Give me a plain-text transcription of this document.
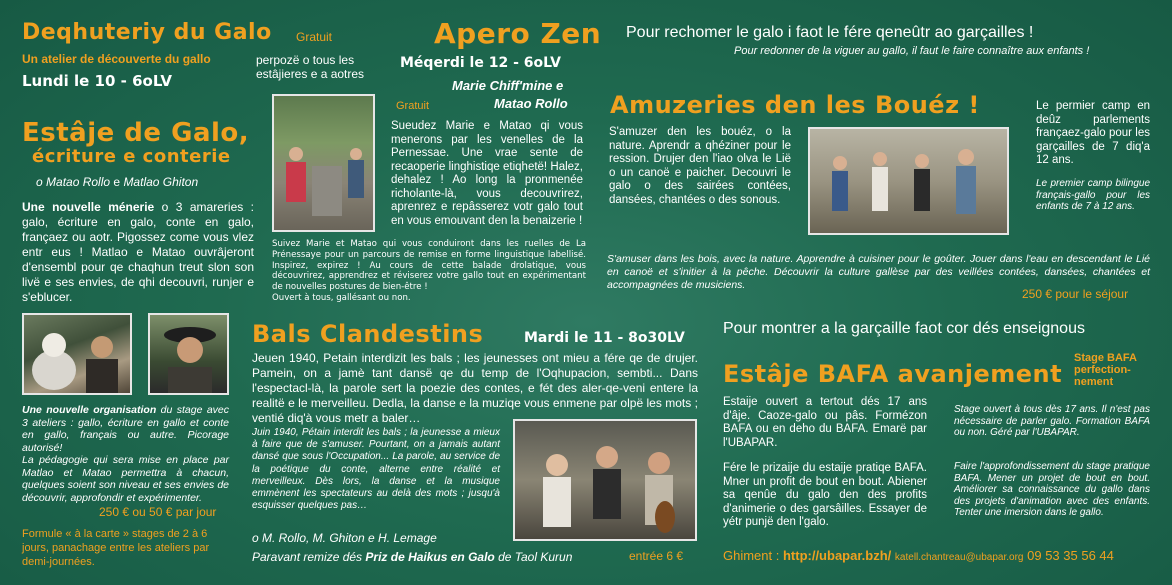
Deqhuteriy du Galo Gratuit
Un atelier de découverte du gallo	perpozë o tous les estâjieres e a aotres
Lundi le 10 - 6oLV
Estâje de Galo,
écriture e conterie
o Matao Rollo e Matlao Ghiton

Une nouvelle ménerie o 3 amareries : galo, écriture en galo, conte en galo, françaez ou aotr. Pigossez come vous vlez entr eus ! Matlao e Matao ouvrâjeront d'ensembl pour qe chaqhun treut slon son livë e ses envies, de qhi decouvri, runjer e s'eblucer.

Une nouvelle organisation du stage avec 3 ateliers : gallo, écriture en gallo et conte en gallo, français ou autre. Picorage autorisé!
La pédagogie qui sera mise en place par Matlao et Matao permettra à chacun, quelques soient son niveau et ses envies de découvrir, approfondir et expérimenter.

250 € ou 50 € par jour

Formule « à la carte » stages de 2 à 6 jours, panachage entre les ateliers par demi-journées.

Apero Zen
Méqerdi le 12 - 6oLV
Marie Chiff'mine e
Matao Rollo
Gratuit

Sueudez Marie e Matao qi vous menerons par les venelles de la Pernessae. Une vrae sente de recaoperie linghistiqe etiqhetë! Halez, dehalez ! Ao long la pronmenée richolante-là, vous decouvrirez, aprenrez e repâsserez votr galo tout en vous emouvant den la benaizerie !

Suivez Marie et Matao qui vous conduiront dans les ruelles de La Prénessaye pour un parcours de remise en forme linguistique labellisé. Inspirez, expirez ! Au cours de cette balade drolatique, vous découvrirez, apprendrez et réviserez votre gallo tout en expérimentant de nouvelles postures de bien-être !
Ouvert à tous, gallésant ou non.

Bals Clandestins	Mardi le 11 - 8o30LV

Jeuen 1940, Petain interdizit les bals ; les jeunesses ont mieu a fére qe de drujer. Pamein, on a jamè tant dansë qe du temp de l'Oqhupacion, sembti... Dans l'espectacl-là, la parole sert la poezie des contes, e fét des aler-qe-veni entere la realitë e le merveilleu. Dedla, la danse e la muziqe vous enmene par olpë les mots ; ventié diq'à vous metr a baler…

Juin 1940, Pétain interdit les bals ; la jeunesse a mieux à faire que de s'amuser. Pourtant, on a jamais autant dansé que sous l'Occupation... La parole, au service de la poétique du conte, alterne entre réalité et merveilleux. Dès lors, la danse et la musique emmènent les spectateurs au delà des mots ; jusqu'à esquisser quelques pas…

o M. Rollo, M. Ghiton e H. Lemage
Paravant remize dés Priz de Haikus en Galo de Taol Kurun	entrée 6 €
Pour rechomer le galo i faot le fére qeneûtr ao garçailles !
Pour redonner de la viguer au gallo, il faut le faire connaître aux enfants !
Amuzeries den les Bouéz !

S'amuzer den les bouéz, o la nature. Aprendr a qhéziner pour le ression. Drujer den l'iao olva le Lië o un canoë e paicher. Decouvri le galo o des sairées contées, dansées, chantées o des sonous.

Le permier camp en deûz parlements françaez-galo pour les garçailles de 7 diq'a 12 ans.

Le premier camp bilingue français-gallo pour les enfants de 7 à 12 ans.

S'amuser dans les bois, avec la nature. Apprendre à cuisiner pour le goûter. Jouer dans l'eau en descendant le Lié en canoë et s'initier à la pêche. Découvrir la culture gallèse par des veillées contées, dansées, chantées et accompagnées de musiciens.

250 € pour le séjour
Pour montrer a la garçaille faot cor dés enseignous
Estâje BAFA avanjement
Stage BAFA
perfection-
nement

Estaije ouvert a tertout dés 17 ans d'âje. Caoze-galo ou pâs. Formézon BAFA ou en deho du BAFA. Emarë par l'UBAPAR.

Fére le prizaije du estaije pratiqe BAFA. Mner un profit de bout en bout. Abiener sa qenûe du galo den des profits d'animerie o des garsâilles. Essayer de yétr punjë den l'galo.

Stage ouvert à tous dès 17 ans. Il n'est pas nécessaire de parler galo. Formation BAFA ou non. Géré par l'UBAPAR.

Faire l'approfondissement du stage pratique BAFA. Mener un projet de bout en bout. Améliorer sa connaissance du gallo dans des projets d'animation avec des enfants. Tenter une imersion dans le gallo.

Ghiment : http://ubapar.bzh/ katell.chantreau@ubapar.org 09 53 35 56 44
